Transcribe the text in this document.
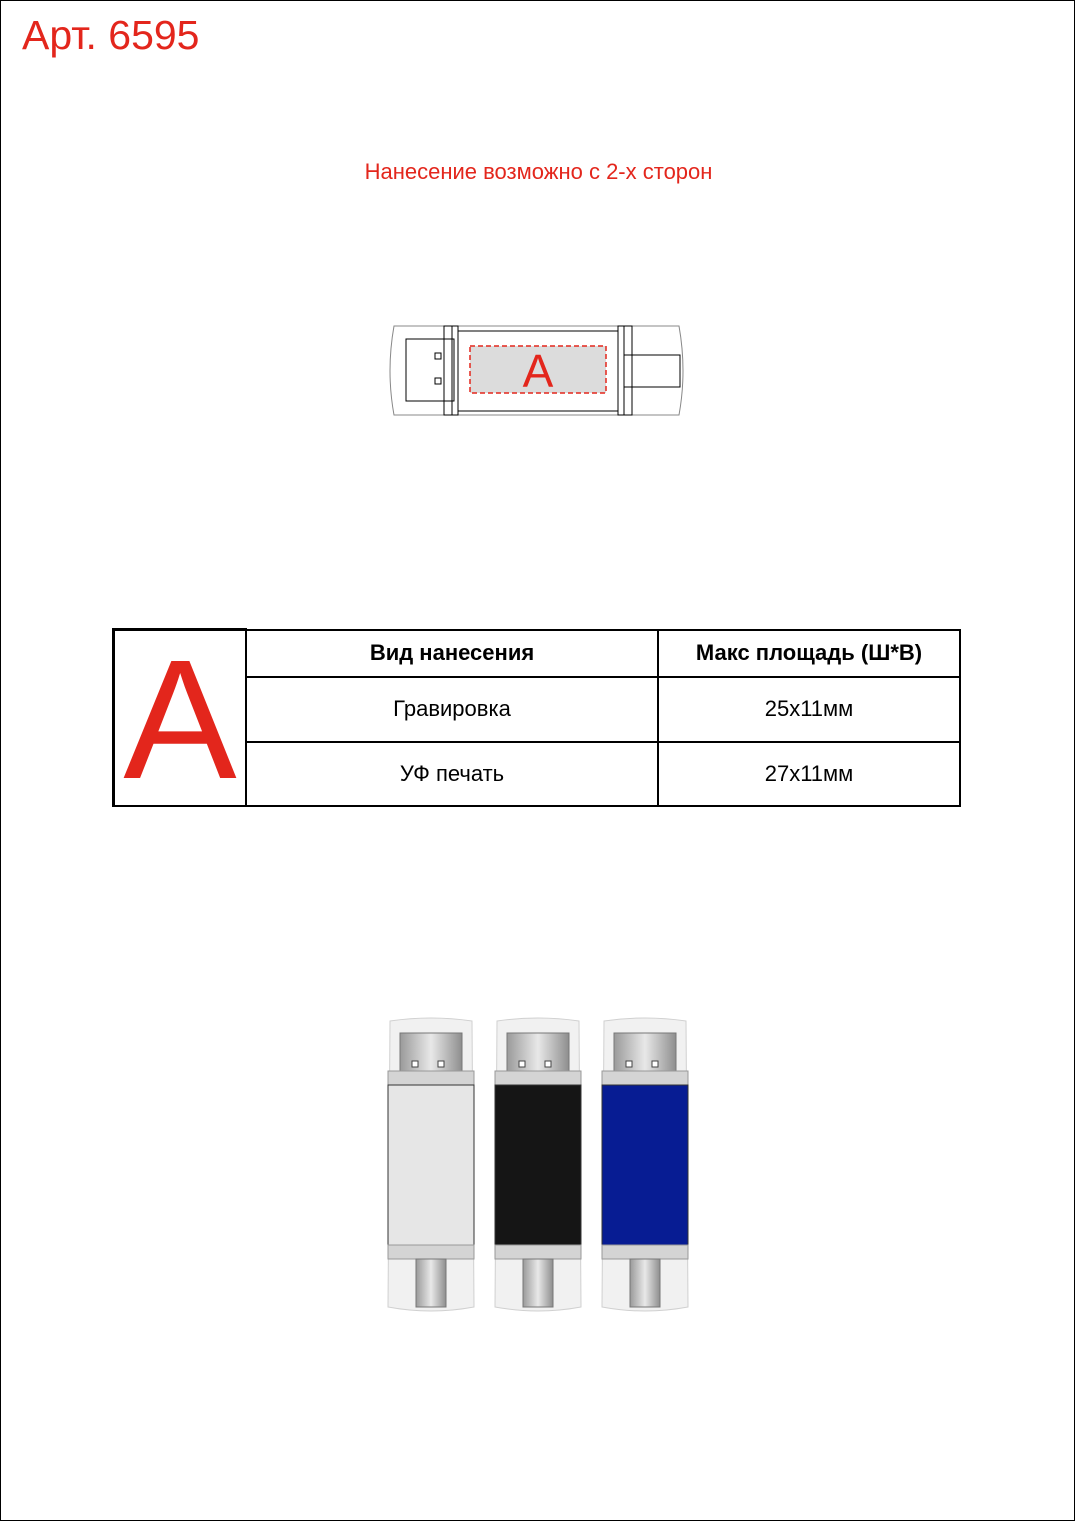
Арт. 6595
Нанесение возможно с 2-х сторон
A
A	Вид нанесения	Макс площадь (Ш*В)
	Гравировка	25x11мм
	УФ печать	27x11мм
